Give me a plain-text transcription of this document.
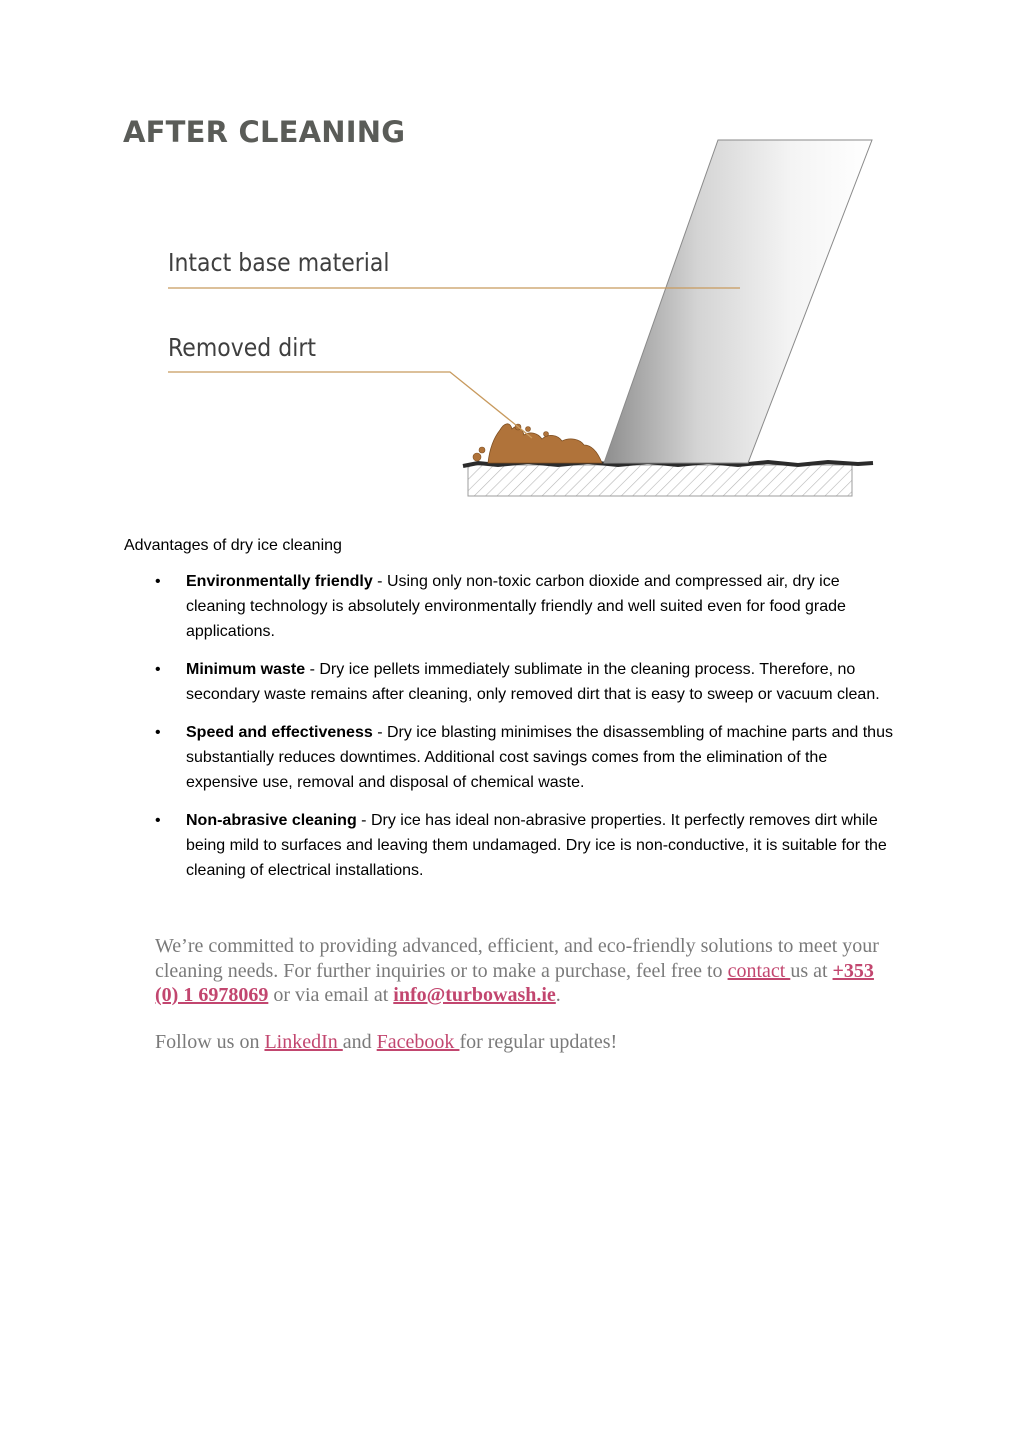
AFTER CLEANING
Intact base material
Removed dirt

Advantages of dry ice cleaning

• Environmentally friendly - Using only non-toxic carbon dioxide and compressed air, dry ice cleaning technology is absolutely environmentally friendly and well suited even for food grade applications.
• Minimum waste - Dry ice pellets immediately sublimate in the cleaning process. Therefore, no secondary waste remains after cleaning, only removed dirt that is easy to sweep or vacuum clean.
• Speed and effectiveness - Dry ice blasting minimises the disassembling of machine parts and thus substantially reduces downtimes. Additional cost savings comes from the elimination of the expensive use, removal and disposal of chemical waste.
• Non-abrasive cleaning - Dry ice has ideal non-abrasive properties. It perfectly removes dirt while being mild to surfaces and leaving them undamaged. Dry ice is non-conductive, it is suitable for the cleaning of electrical installations.

We’re committed to providing advanced, efficient, and eco-friendly solutions to meet your cleaning needs. For further inquiries or to make a purchase, feel free to contact us at +353 (0) 1 6978069 or via email at info@turbowash.ie.

Follow us on LinkedIn and Facebook for regular updates!
